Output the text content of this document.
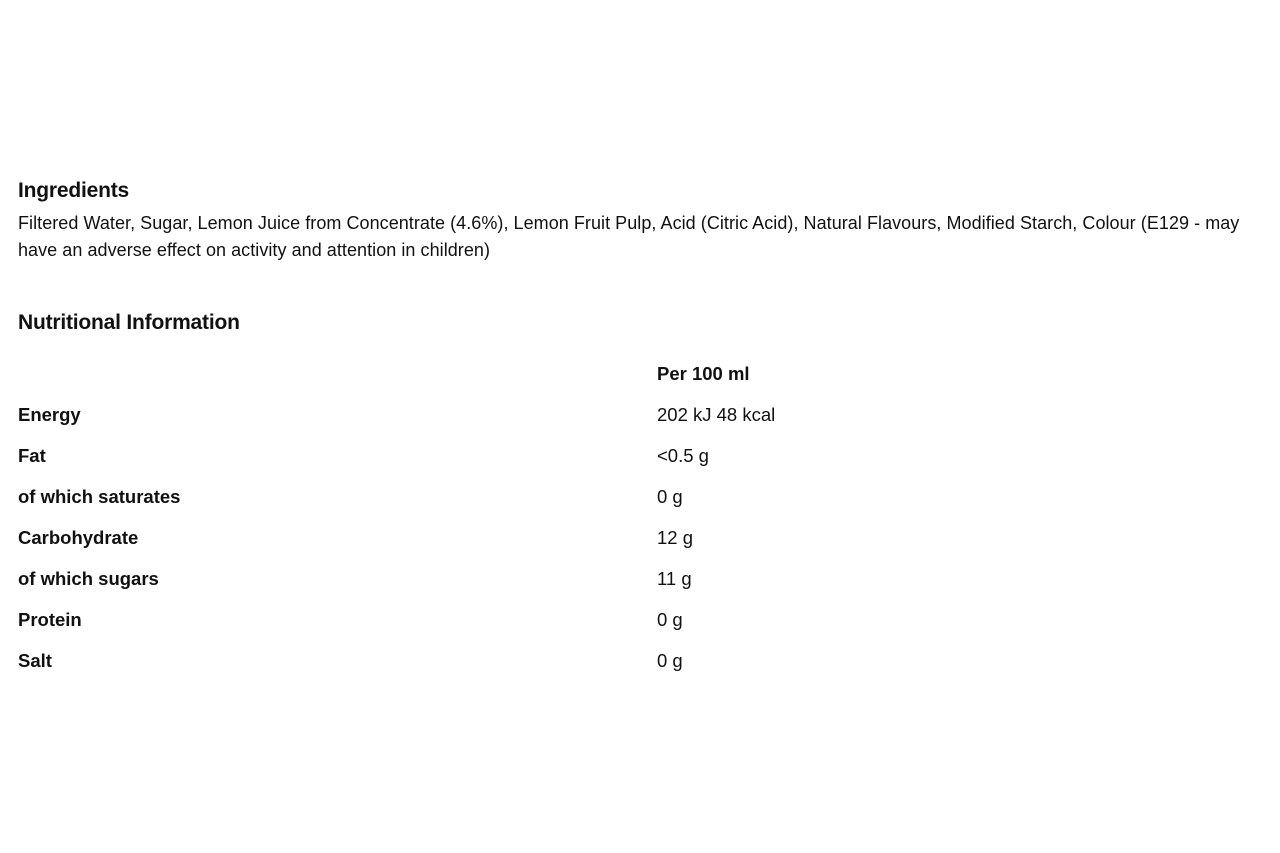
Ingredients

Filtered Water, Sugar, Lemon Juice from Concentrate (4.6%), Lemon Fruit Pulp, Acid (Citric Acid), Natural Flavours, Modified Starch, Colour (E129 - may have an adverse effect on activity and attention in children)

Nutritional Information
	Per 100 ml
Energy	202 kJ 48 kcal
Fat	<0.5 g
of which saturates	0 g
Carbohydrate	12 g
of which sugars	11 g
Protein	0 g
Salt	0 g
